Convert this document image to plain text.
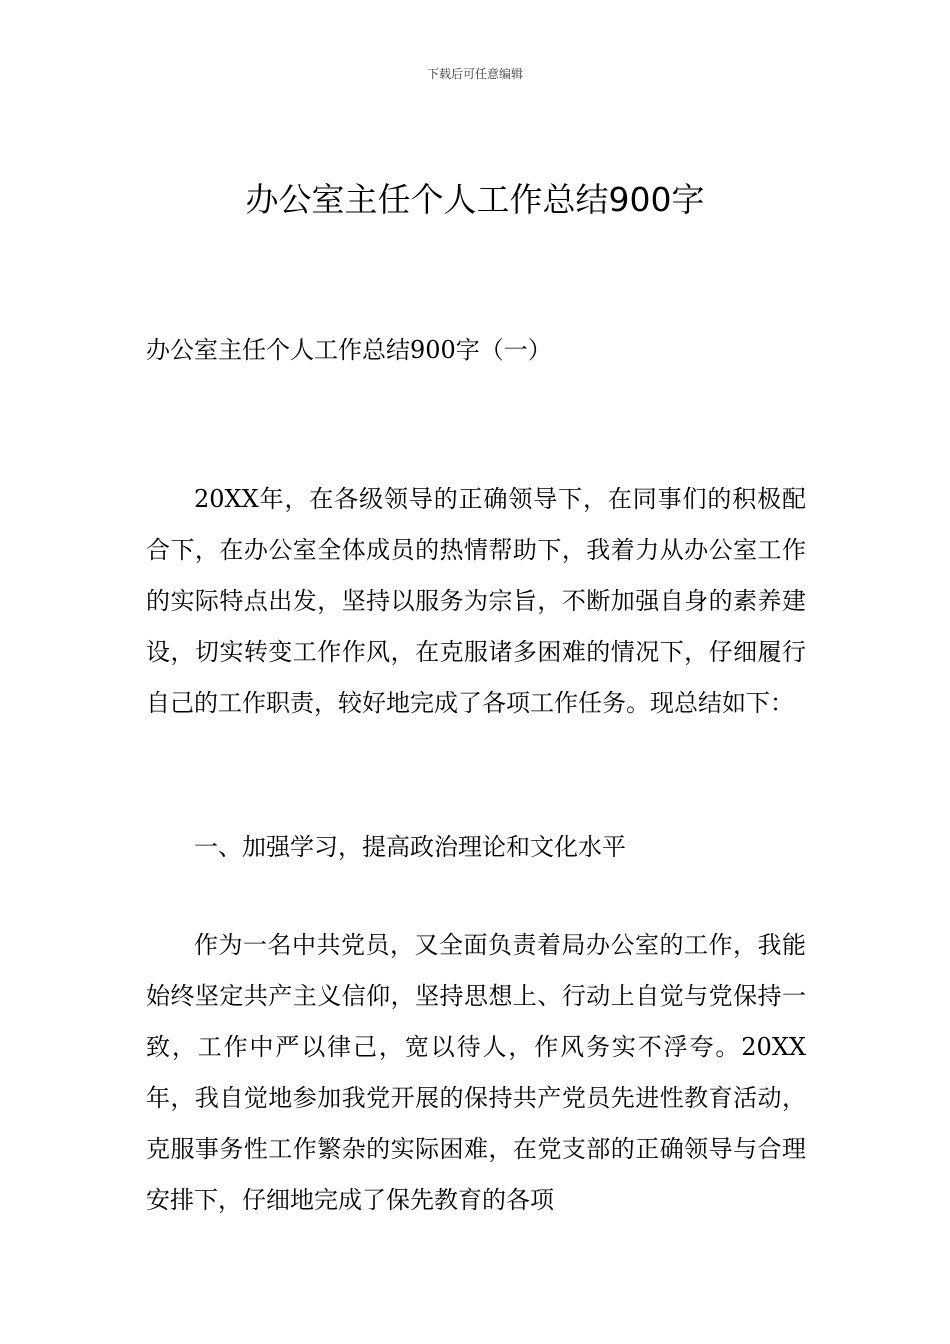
下载后可任意编辑
办公室主任个人工作总结900字
办公室主任个人工作总结900字（一）

20XX年，在各级领导的正确领导下，在同事们的积极配合下，在办公室全体成员的热情帮助下，我着力从办公室工作的实际特点出发，坚持以服务为宗旨，不断加强自身的素养建设，切实转变工作作风，在克服诸多困难的情况下，仔细履行自己的工作职责，较好地完成了各项工作任务。现总结如下：

一、加强学习，提高政治理论和文化水平

作为一名中共党员，又全面负责着局办公室的工作，我能始终坚定共产主义信仰，坚持思想上、行动上自觉与党保持一致，工作中严以律己，宽以待人，作风务实不浮夸。20XX年，我自觉地参加我党开展的保持共产党员先进性教育活动，克服事务性工作繁杂的实际困难，在党支部的正确领导与合理安排下，仔细地完成了保先教育的各项
